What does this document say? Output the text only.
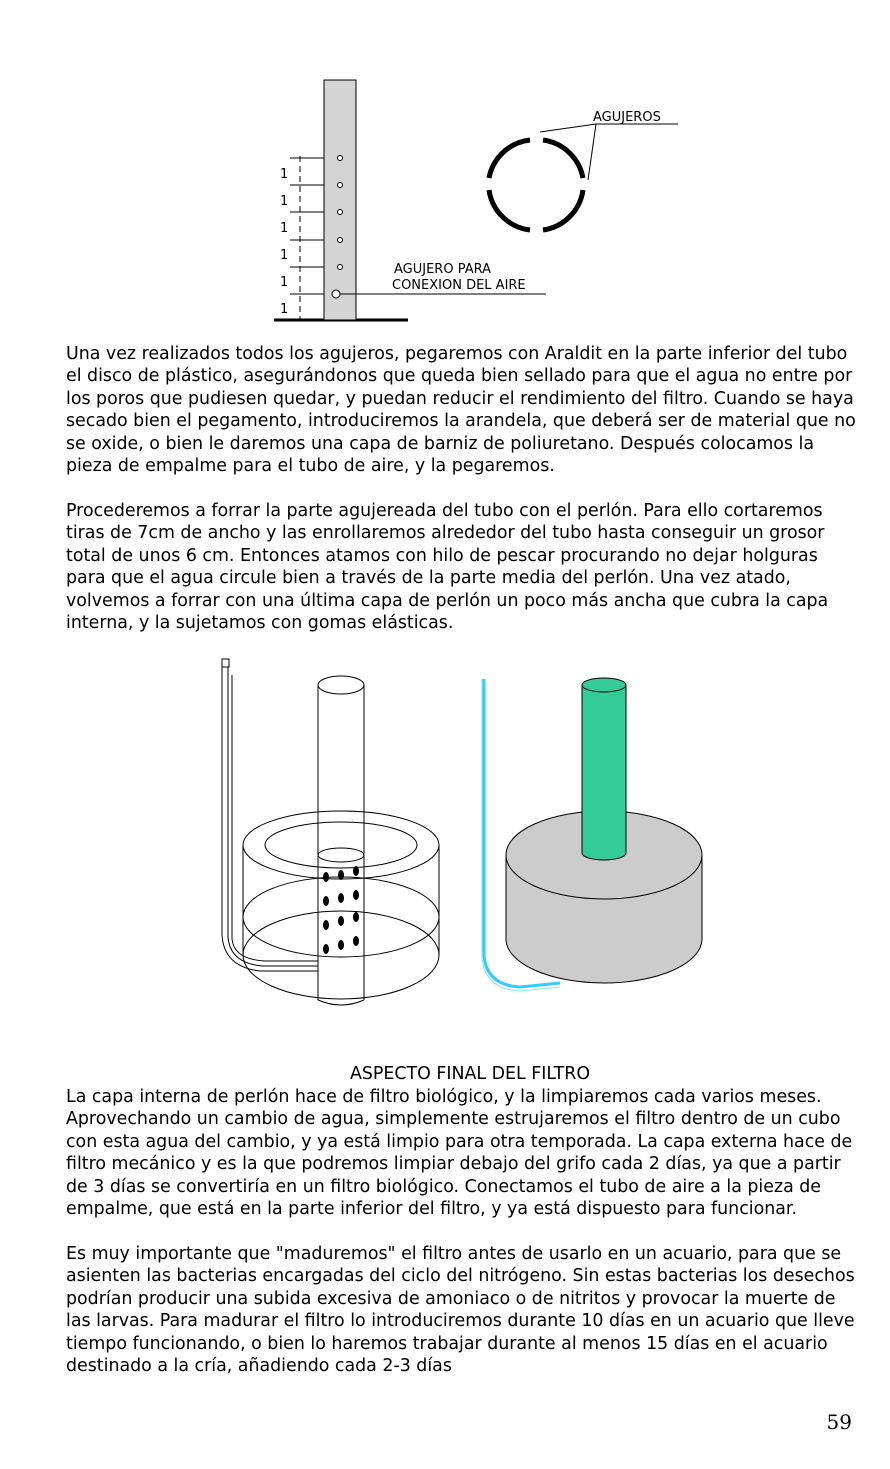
1
1
1
1
1
1
AGUJERO PARA
CONEXION DEL AIRE
AGUJEROS

Una vez realizados todos los agujeros, pegaremos con Araldit en la parte inferior del tubo el disco de plástico, asegurándonos que queda bien sellado para que el agua no entre por los poros que pudiesen quedar, y puedan reducir el rendimiento del filtro. Cuando se haya secado bien el pegamento, introduciremos la arandela, que deberá ser de material que no se oxide, o bien le daremos una capa de barniz de poliuretano. Después colocamos la pieza de empalme para el tubo de aire, y la pegaremos.

Procederemos a forrar la parte agujereada del tubo con el perlón. Para ello cortaremos tiras de 7cm de ancho y las enrollaremos alrededor del tubo hasta conseguir un grosor total de unos 6 cm. Entonces atamos con hilo de pescar procurando no dejar holguras para que el agua circule bien a través de la parte media del perlón. Una vez atado, volvemos a forrar con una última capa de perlón un poco más ancha que cubra la capa interna, y la sujetamos con gomas elásticas.

ASPECTO FINAL DEL FILTRO

La capa interna de perlón hace de filtro biológico, y la limpiaremos cada varios meses. Aprovechando un cambio de agua, simplemente estrujaremos el filtro dentro de un cubo con esta agua del cambio, y ya está limpio para otra temporada. La capa externa hace de filtro mecánico y es la que podremos limpiar debajo del grifo cada 2 días, ya que a partir de 3 días se convertiría en un filtro biológico. Conectamos el tubo de aire a la pieza de empalme, que está en la parte inferior del filtro, y ya está dispuesto para funcionar.

Es muy importante que "maduremos" el filtro antes de usarlo en un acuario, para que se asienten las bacterias encargadas del ciclo del nitrógeno. Sin estas bacterias los desechos podrían producir una subida excesiva de amoniaco o de nitritos y provocar la muerte de las larvas. Para madurar el filtro lo introduciremos durante 10 días en un acuario que lleve tiempo funcionando, o bien lo haremos trabajar durante al menos 15 días en el acuario destinado a la cría, añadiendo cada 2-3 días

59
